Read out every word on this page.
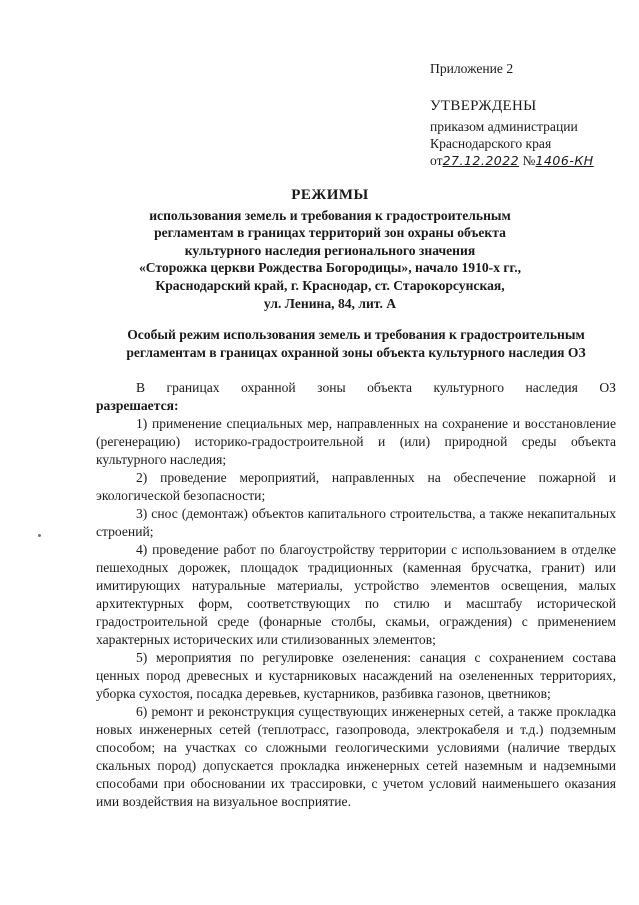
Приложение 2
УТВЕРЖДЕНЫ
приказом администрации
Краснодарского края
от27.12.2022 №1406-КН
РЕЖИМЫ
использования земель и требования к градостроительным
регламентам в границах территорий зон охраны объекта
культурного наследия регионального значения
«Сторожка церкви Рождества Богородицы», начало 1910-х гг.,
Краснодарский край, г. Краснодар, ст. Старокорсунская,
ул. Ленина, 84, лит. А
Особый режим использования земель и требования к градостроительным
регламентам в границах охранной зоны объекта культурного наследия ОЗ

В границах охранной зоны объекта культурного наследия ОЗ

разрешается:

1) применение специальных мер, направленных на сохранение и восстановление (регенерацию) историко-градостроительной и (или) природной среды объекта культурного наследия;

2) проведение мероприятий, направленных на обеспечение пожарной и экологической безопасности;

3) снос (демонтаж) объектов капитального строительства, а также некапитальных строений;

4) проведение работ по благоустройству территории с использованием в отделке пешеходных дорожек, площадок традиционных (каменная брусчатка, гранит) или имитирующих натуральные материалы, устройство элементов освещения, малых архитектурных форм, соответствующих по стилю и масштабу исторической градостроительной среде (фонарные столбы, скамьи, ограждения) с применением характерных исторических или стилизованных элементов;

5) мероприятия по регулировке озеленения: санация с сохранением состава ценных пород древесных и кустарниковых насаждений на озелененных территориях, уборка сухостоя, посадка деревьев, кустарников, разбивка газонов, цветников;

6) ремонт и реконструкция существующих инженерных сетей, а также прокладка новых инженерных сетей (теплотрасс, газопровода, электрокабеля и т.д.) подземным способом; на участках со сложными геологическими условиями (наличие твердых скальных пород) допускается прокладка инженерных сетей наземным и надземными способами при обосновании их трассировки, с учетом условий наименьшего оказания ими воздействия на визуальное восприятие.
